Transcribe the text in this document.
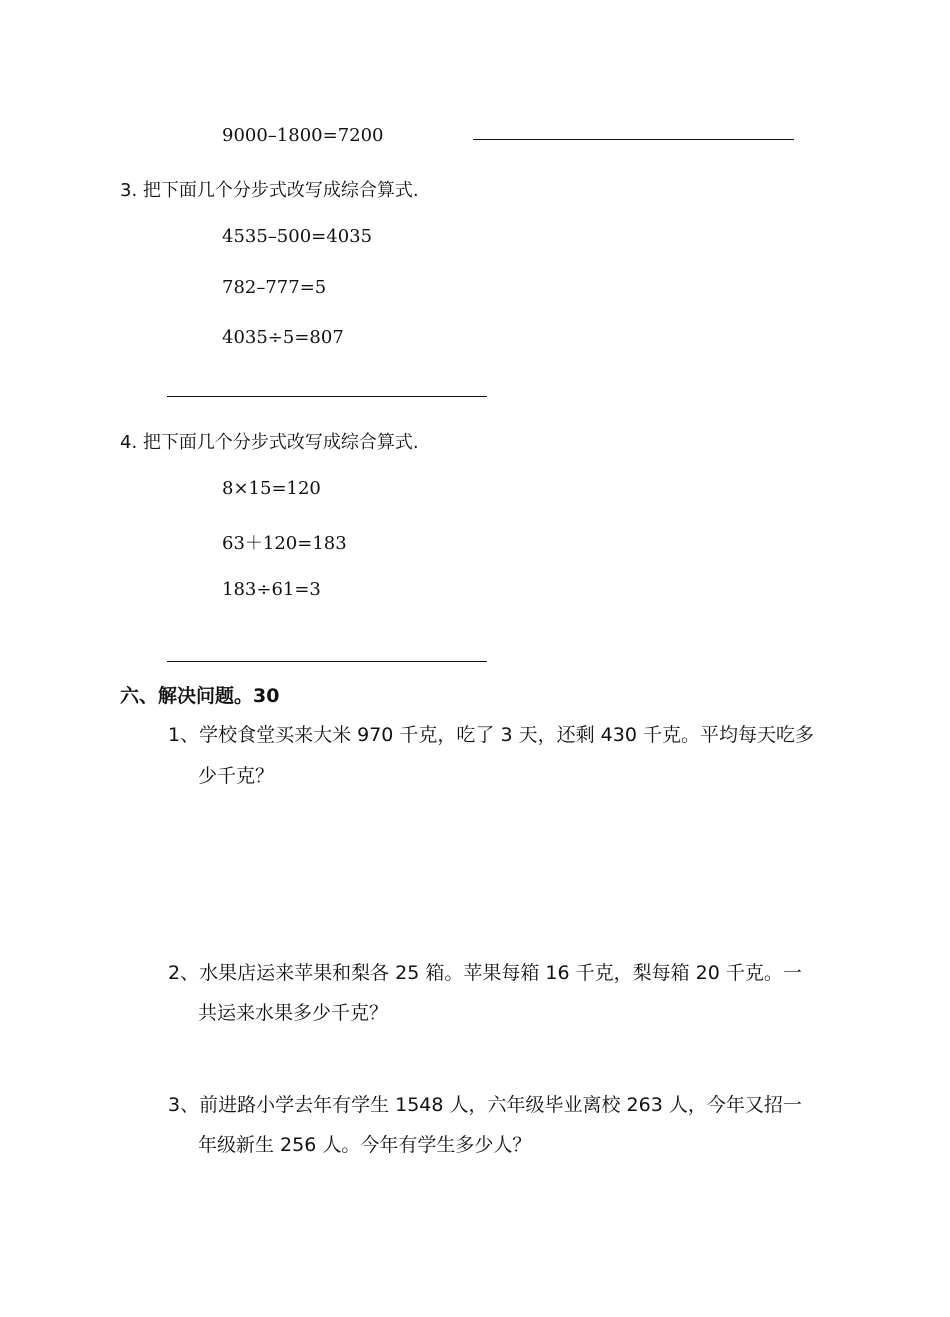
9000–1800=7200
3. 把下面几个分步式改写成综合算式.
4535–500=4035
782–777=5
4035÷5=807
4. 把下面几个分步式改写成综合算式.
8×15=120
63＋120=183
183÷61=3
六、解决问题。30
1、学校食堂买来大米 970 千克，吃了 3 天，还剩 430 千克。平均每天吃多
少千克？
2、水果店运来苹果和梨各 25 箱。苹果每箱 16 千克，梨每箱 20 千克。一
共运来水果多少千克？
3、前进路小学去年有学生 1548 人，六年级毕业离校 263 人，今年又招一
年级新生 256 人。今年有学生多少人？
